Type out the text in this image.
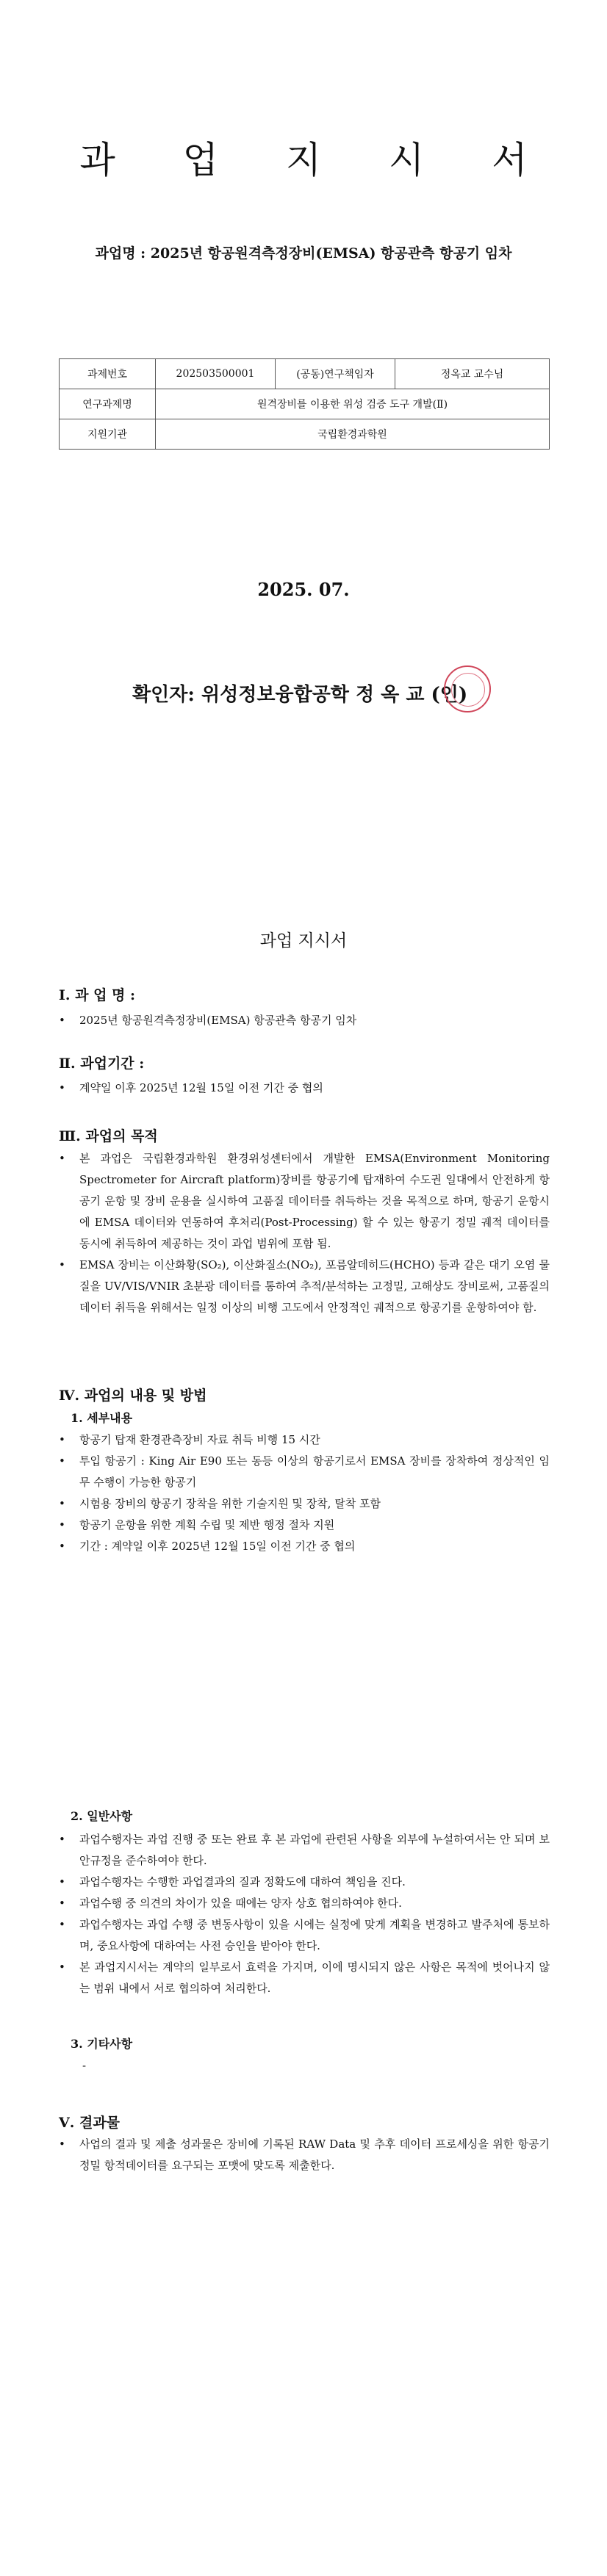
과 업 지 시 서
과업명 : 2025년 항공원격측정장비(EMSA) 항공관측 항공기 임차
과제번호	202503500001	(공동)연구책임자	정옥교 교수님
연구과제명	원격장비를 이용한 위성 검증 도구 개발(Ⅱ)		
지원기관	국립환경과학원		
2025. 07.
확인자: 위성정보융합공학 정 옥 교 (인)
과업 지시서
Ⅰ. 과 업 명 :
• 2025년 항공원격측정장비(EMSA) 항공관측 항공기 임차
Ⅱ. 과업기간 :
• 계약일 이후 2025년 12월 15일 이전 기간 중 협의
Ⅲ. 과업의 목적
• 본 과업은 국립환경과학원 환경위성센터에서 개발한 EMSA(Environment Monitoring Spectrometer for Aircraft platform)장비를 항공기에 탑재하여 수도권 일대에서 안전하게 항공기 운항 및 장비 운용을 실시하여 고품질 데이터를 취득하는 것을 목적으로 하며, 항공기 운항시에 EMSA 데이터와 연동하여 후처리(Post-Processing) 할 수 있는 항공기 정밀 궤적 데이터를 동시에 취득하여 제공하는 것이 과업 범위에 포함 됨.
• EMSA 장비는 이산화황(SO₂), 이산화질소(NO₂), 포름알데히드(HCHO) 등과 같은 대기 오염 물질을 UV/VIS/VNIR 초분광 데이터를 통하여 추적/분석하는 고정밀, 고해상도 장비로써, 고품질의 데이터 취득을 위해서는 일정 이상의 비행 고도에서 안정적인 궤적으로 항공기를 운항하여야 함.
Ⅳ. 과업의 내용 및 방법
1. 세부내용
• 항공기 탑재 환경관측장비 자료 취득 비행 15 시간
• 투입 항공기 : King Air E90 또는 동등 이상의 항공기로서 EMSA 장비를 장착하여 정상적인 임무 수행이 가능한 항공기
• 시험용 장비의 항공기 장착을 위한 기술지원 및 장착, 탈착 포함
• 항공기 운항을 위한 계획 수립 및 제반 행정 절차 지원
• 기간 : 계약일 이후 2025년 12월 15일 이전 기간 중 협의
2. 일반사항
• 과업수행자는 과업 진행 중 또는 완료 후 본 과업에 관련된 사항을 외부에 누설하여서는 안 되며 보안규정을 준수하여야 한다.
• 과업수행자는 수행한 과업결과의 질과 정확도에 대하여 책임을 진다.
• 과업수행 중 의견의 차이가 있을 때에는 양자 상호 협의하여야 한다.
• 과업수행자는 과업 수행 중 변동사항이 있을 시에는 실정에 맞게 계획을 변경하고 발주처에 통보하며, 중요사항에 대하여는 사전 승인을 받아야 한다.
• 본 과업지시서는 계약의 일부로서 효력을 가지며, 이에 명시되지 않은 사항은 목적에 벗어나지 않는 범위 내에서 서로 협의하여 처리한다.
3. 기타사항
-
Ⅴ. 결과물
• 사업의 결과 및 제출 성과물은 장비에 기록된 RAW Data 및 추후 데이터 프로세싱을 위한 항공기 정밀 항적데이터를 요구되는 포맷에 맞도록 제출한다.
